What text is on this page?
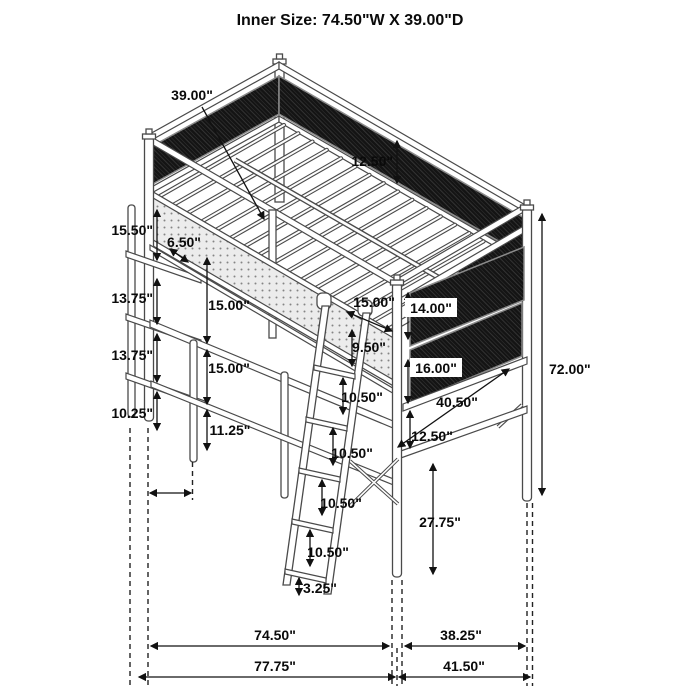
Inner Size: 74.50"W X 39.00"D
39.00"
12.50"
15.50"
6.50"
13.75"	15.00"
13.75"
15.00"
10.25"
11.25"
15.00" 14.00"
9.50"
10.50"
16.00"
40.50"
10.50"
12.50"
10.50"
27.75"
10.50"
3.25"
72.00"
74.50"	38.25"
77.75"	41.50"
